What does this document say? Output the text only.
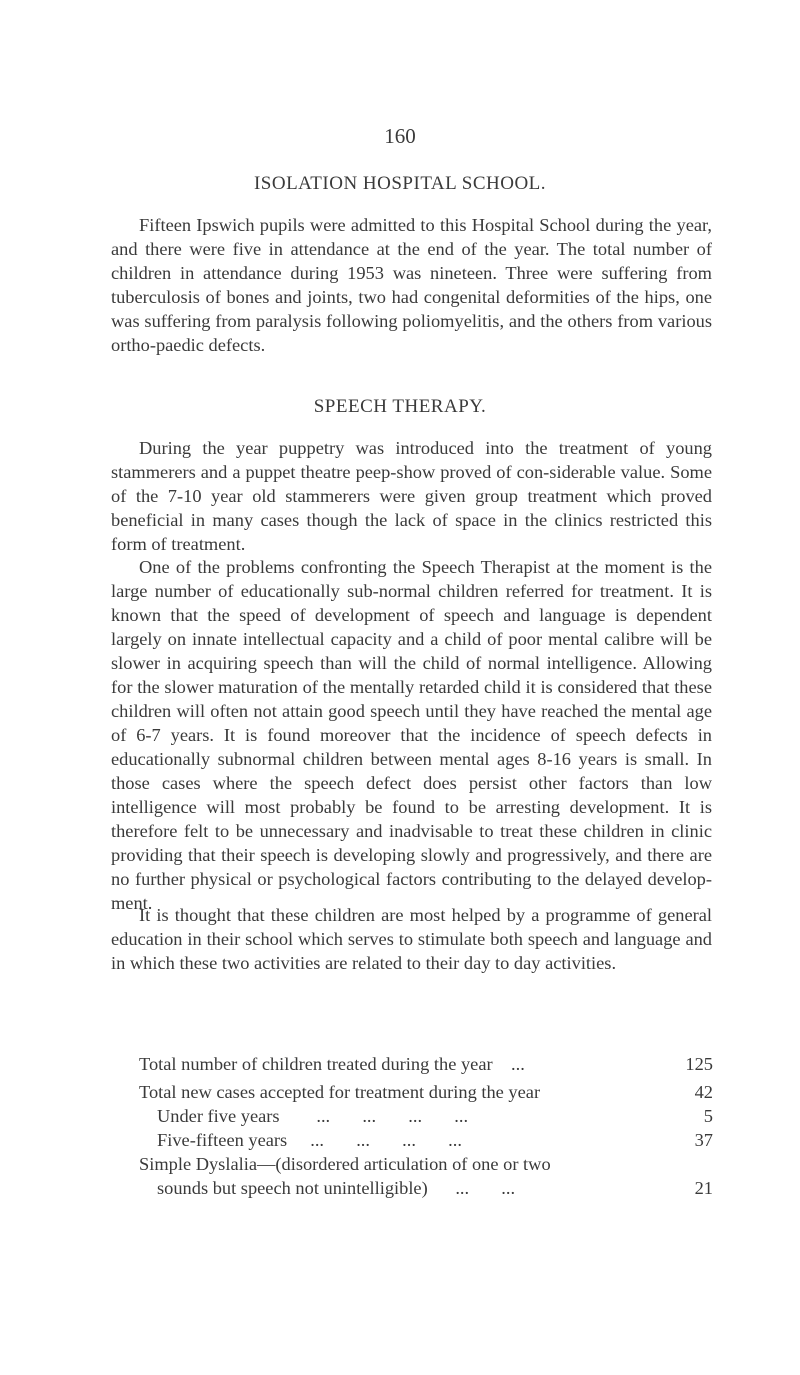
160
ISOLATION HOSPITAL SCHOOL.

Fifteen Ipswich pupils were admitted to this Hospital School during the year, and there were five in attendance at the end of the year. The total number of children in attendance during 1953 was nineteen. Three were suffering from tuberculosis of bones and joints, two had congenital deformities of the hips, one was suffering from paralysis following poliomyelitis, and the others from various ortho-paedic defects.

SPEECH THERAPY.

During the year puppetry was introduced into the treatment of young stammerers and a puppet theatre peep-show proved of con-siderable value. Some of the 7-10 year old stammerers were given group treatment which proved beneficial in many cases though the lack of space in the clinics restricted this form of treatment.

One of the problems confronting the Speech Therapist at the moment is the large number of educationally sub-normal children referred for treatment. It is known that the speed of development of speech and language is dependent largely on innate intellectual capacity and a child of poor mental calibre will be slower in acquiring speech than will the child of normal intelligence. Allowing for the slower maturation of the mentally retarded child it is considered that these children will often not attain good speech until they have reached the mental age of 6-7 years. It is found moreover that the incidence of speech defects in educationally subnormal children between mental ages 8-16 years is small. In those cases where the speech defect does persist other factors than low intelligence will most probably be found to be arresting development. It is therefore felt to be unnecessary and inadvisable to treat these children in clinic providing that their speech is developing slowly and progressively, and there are no further physical or psychological factors contributing to the delayed develop-ment.

It is thought that these children are most helped by a programme of general education in their school which serves to stimulate both speech and language and in which these two activities are related to their day to day activities.

Total number of children treated during the year ...	125
Total new cases accepted for treatment during the year	42
Under five years ...       ...       ...       ...	5
Five-fifteen years ...       ...       ...       ...	37
Simple Dyslalia—(disordered articulation of one or two
sounds but speech not unintelligible) ...       ...	21
